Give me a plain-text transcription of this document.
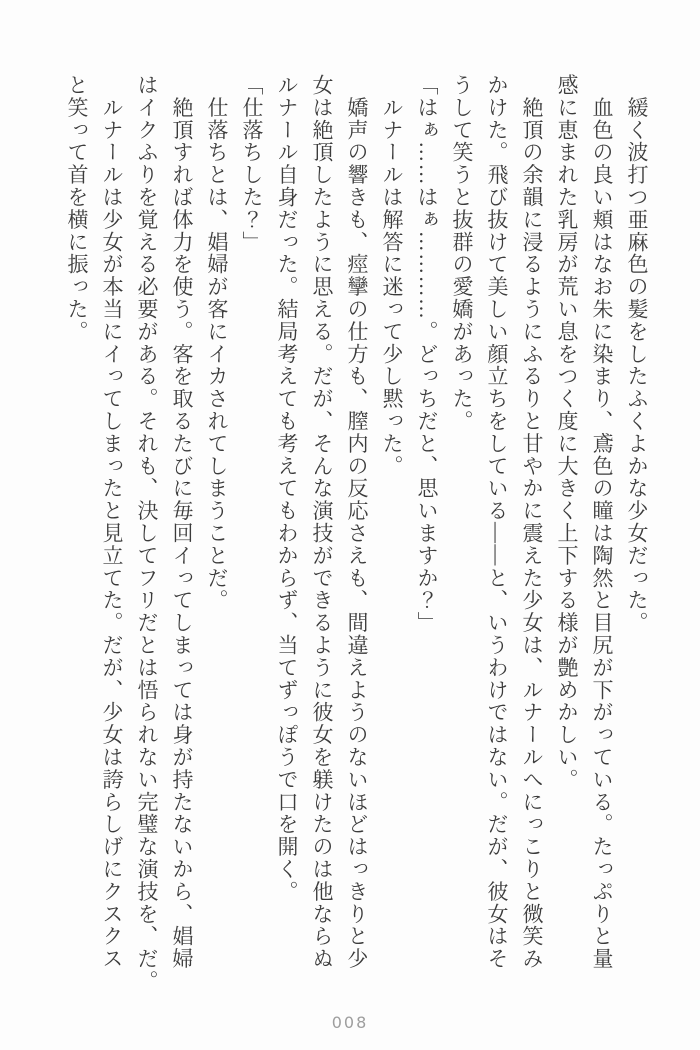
　緩く波打つ亜麻色の髪をしたふくよかな少女だった。
　血色の良い頬はなお朱に染まり、鳶色の瞳は陶然と目尻が下がっている。たっぷりと量
感に恵まれた乳房が荒い息をつく度に大きく上下する様が艶めかしい。
　絶頂の余韻に浸るようにふるりと甘やかに震えた少女は、ルナールへにっこりと微笑み
かけた。飛び抜けて美しい顔立ちをしている――と、いうわけではない。だが、彼女はそ
うして笑うと抜群の愛嬌があった。
「はぁ……はぁ…………。どっちだと、思いますか？」
　ルナールは解答に迷って少し黙った。
　嬌声の響きも、痙攣の仕方も、膣内の反応さえも、間違えようのないほどはっきりと少
女は絶頂したように思える。だが、そんな演技ができるように彼女を躾けたのは他ならぬ
ルナール自身だった。結局考えても考えてもわからず、当てずっぽうで口を開く。
「仕落ちした？」
　仕落ちとは、娼婦が客にイカされてしまうことだ。
　絶頂すれば体力を使う。客を取るたびに毎回イってしまっては身が持たないから、娼婦
はイクふりを覚える必要がある。それも、決してフリだとは悟られない完璧な演技を、だ。
　ルナールは少女が本当にイってしまったと見立てた。だが、少女は誇らしげにクスクス
と笑って首を横に振った。
008
